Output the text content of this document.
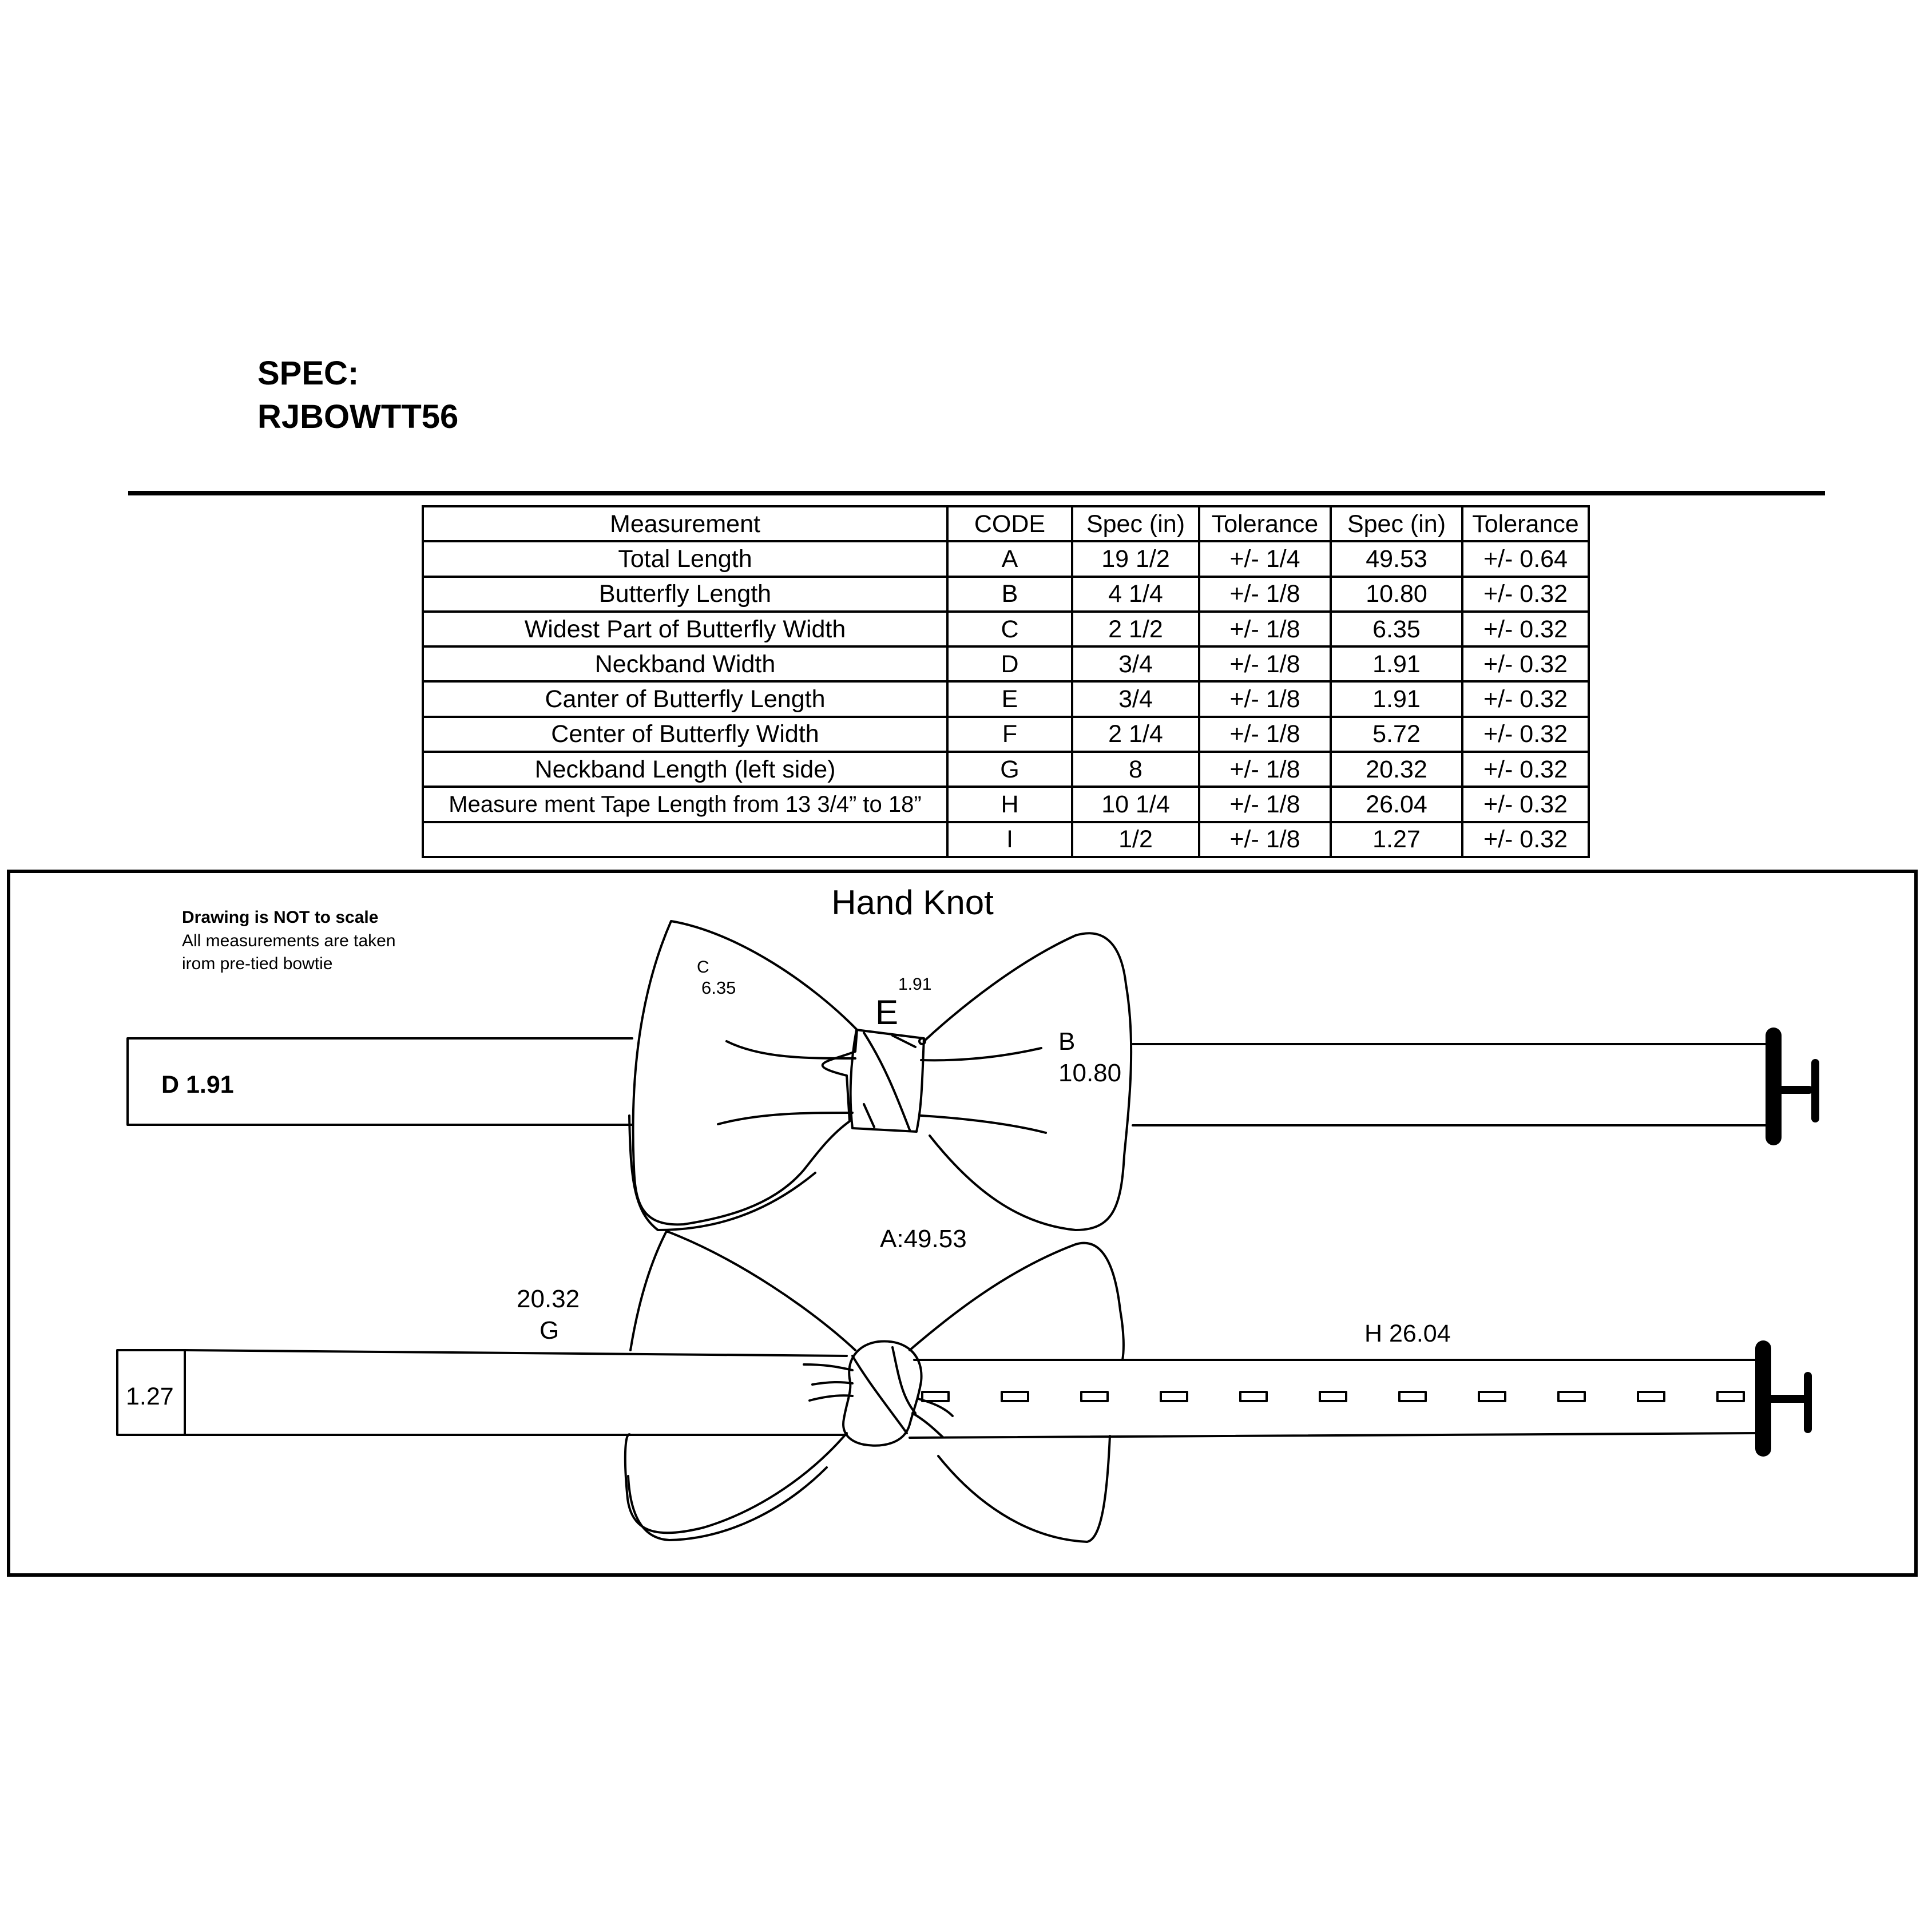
SPEC:
RJBOWTT56
Measurement	CODE	Spec (in)	Tolerance	Spec (in)	Tolerance
Total Length	A	19 1/2	+/- 1/4	49.53	+/- 0.64
Butterfly Length	B	4 1/4	+/- 1/8	10.80	+/- 0.32
Widest Part of Butterfly Width	C	2 1/2	+/- 1/8	6.35	+/- 0.32
Neckband Width	D	3/4	+/- 1/8	1.91	+/- 0.32
Canter of Butterfly Length	E	3/4	+/- 1/8	1.91	+/- 0.32
Center of Butterfly Width	F	2 1/4	+/- 1/8	5.72	+/- 0.32
Neckband Length (left side)	G	8	+/- 1/8	20.32	+/- 0.32
Measure ment Tape Length from 13 3/4” to 18”	H	10 1/4	+/- 1/8	26.04	+/- 0.32
	I	1/2	+/- 1/8	1.27	+/- 0.32
Hand Knot
Drawing is NOT to scale
All measurements are taken
irom pre-tied bowtie	C
6.35	1.91
E
B
10.80
D 1.91
A:49.53
20.32
G	H 26.04
1.27
